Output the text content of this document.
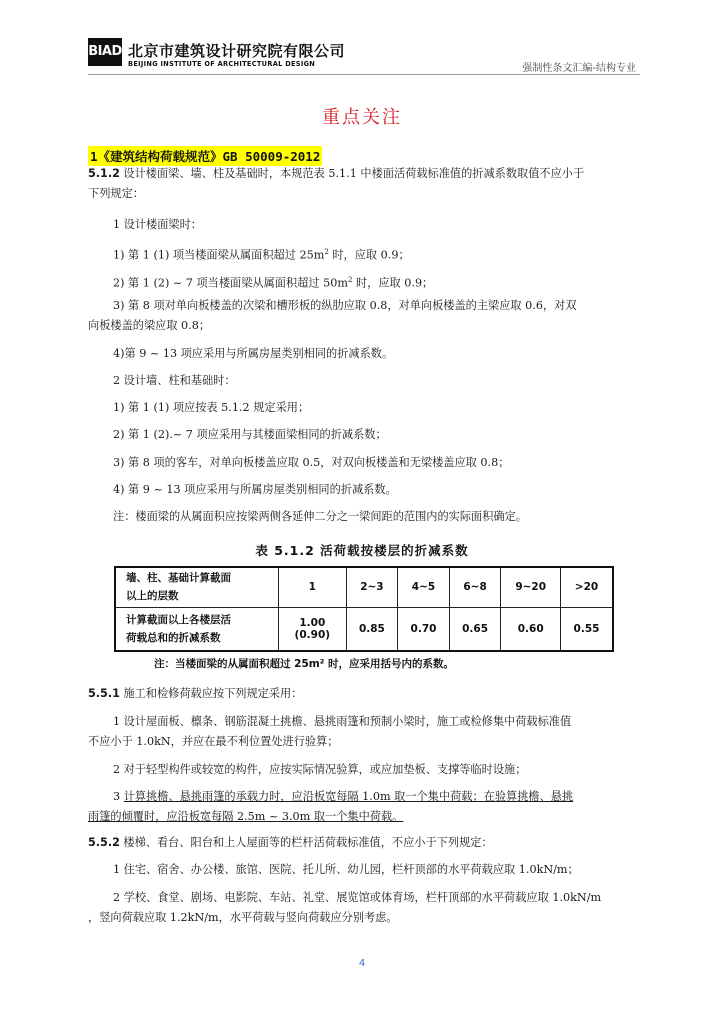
BIAD 北京市建筑设计研究院有限公司
BEIJING INSTITUTE OF ARCHITECTURAL DESIGN	强制性条文汇编-结构专业
重点关注
1《建筑结构荷载规范》GB 50009-2012
5.1.2 设计楼面梁、墙、柱及基础时，本规范表 5.1.1 中楼面活荷载标准值的折减系数取值不应小于
下列规定：
1 设计楼面梁时：
1) 第 1 (1) 项当楼面梁从属面积超过 $25m^2$ 时，应取 0.9；
2) 第 1 (2) ~ 7 项当楼面梁从属面积超过 $50m^2$ 时，应取 0.9；
3) 第 8 项对单向板楼盖的次梁和槽形板的纵肋应取 0.8，对单向板楼盖的主梁应取 0.6，对双
向板楼盖的梁应取 0.8；
4)第 9 ~ 13 项应采用与所属房屋类别相同的折减系数。
2 设计墙、柱和基础时：
1) 第 1 (1) 项应按表 5.1.2 规定采用；
2) 第 1 (2).~ 7 项应采用与其楼面梁相同的折减系数；
3) 第 8 项的客车，对单向板楼盖应取 0.5，对双向板楼盖和无梁楼盖应取 0.8；
4) 第 9 ~ 13 项应采用与所属房屋类别相同的折减系数。
注：楼面梁的从属面积应按梁两侧各延伸二分之一梁间距的范围内的实际面积确定。
表 5.1.2 活荷载按楼层的折减系数
墙、柱、基础计算截面
以上的层数	1	2~3	4~5	6~8	9~20	>20
计算截面以上各楼层活
荷载总和的折减系数	1.00
(0.90)	0.85	0.70	0.65	0.60	0.55
注：当楼面梁的从属面积超过 25m² 时，应采用括号内的系数。
5.5.1 施工和检修荷载应按下列规定采用：
1 设计屋面板、檩条、钢筋混凝土挑檐、悬挑雨篷和预制小梁时，施工或检修集中荷载标准值
不应小于 1.0kN，并应在最不利位置处进行验算；
2 对于轻型构件或较宽的构件，应按实际情况验算，或应加垫板、支撑等临时设施；
3 计算挑檐、悬挑雨篷的承载力时，应沿板宽每隔 1.0m 取一个集中荷载；在验算挑檐、悬挑
雨篷的倾覆时，应沿板宽每隔 2.5m ~ 3.0m 取一个集中荷载。
5.5.2 楼梯、看台、阳台和上人屋面等的栏杆活荷载标准值，不应小于下列规定：
1 住宅、宿舍、办公楼、旅馆、医院、托儿所、幼儿园，栏杆顶部的水平荷载应取 1.0kN/m；
2 学校、食堂、剧场、电影院、车站、礼堂、展览馆或体育场，栏杆顶部的水平荷载应取 1.0kN/m
，竖向荷载应取 1.2kN/m，水平荷载与竖向荷载应分别考虑。
4
